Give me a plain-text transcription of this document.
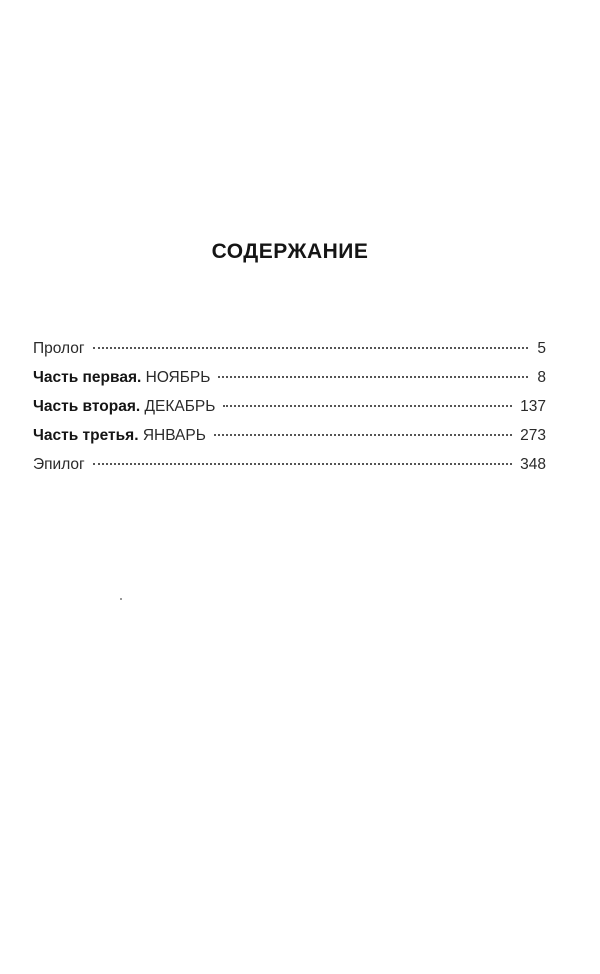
СОДЕРЖАНИЕ
Пролог	5
Часть первая. НОЯБРЬ	8
Часть вторая. ДЕКАБРЬ	137
Часть третья. ЯНВАРЬ	273
Эпилог	348
